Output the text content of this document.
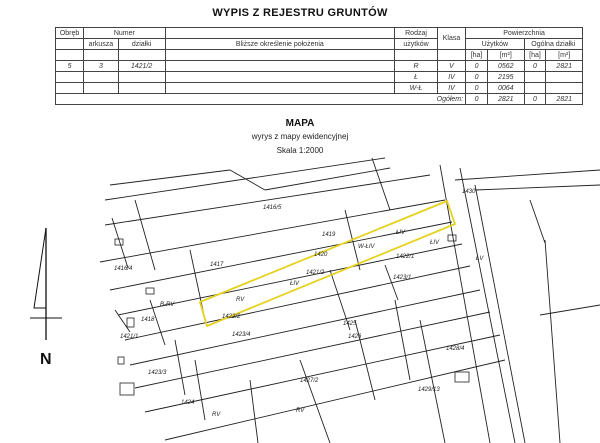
WYPIS Z REJESTRU GRUNTÓW
Obręb	Numer			Rodzaj	Klasa	Powierzchnia			
	arkusza	działki	Bliższe określenie położenia	użytków		Użytków		Ogólna działki	
						[ha]	[m²]	[ha]	[m²]
5	3	1421/2		R	V	0	0562	0	2821
				Ł	IV	0	2195		
				W-Ł	IV	0	0064		
Ogółem:						0	2821	0	2821
MAPA
wyrys z mapy ewidencyjnej
Skala 1:2000
N
1416/5
1416/4
1417
1419
1420
1421/2
1421/1
1422/1
1422/2
1423/1
1423/3
1423/4
1424
1425
1426
1427/2
1428/4
1429/13
1430
1418
ŁIV
ŁIV
W-ŁIV
RV
RV
B-RV
ŁIV
ŁV
RV
